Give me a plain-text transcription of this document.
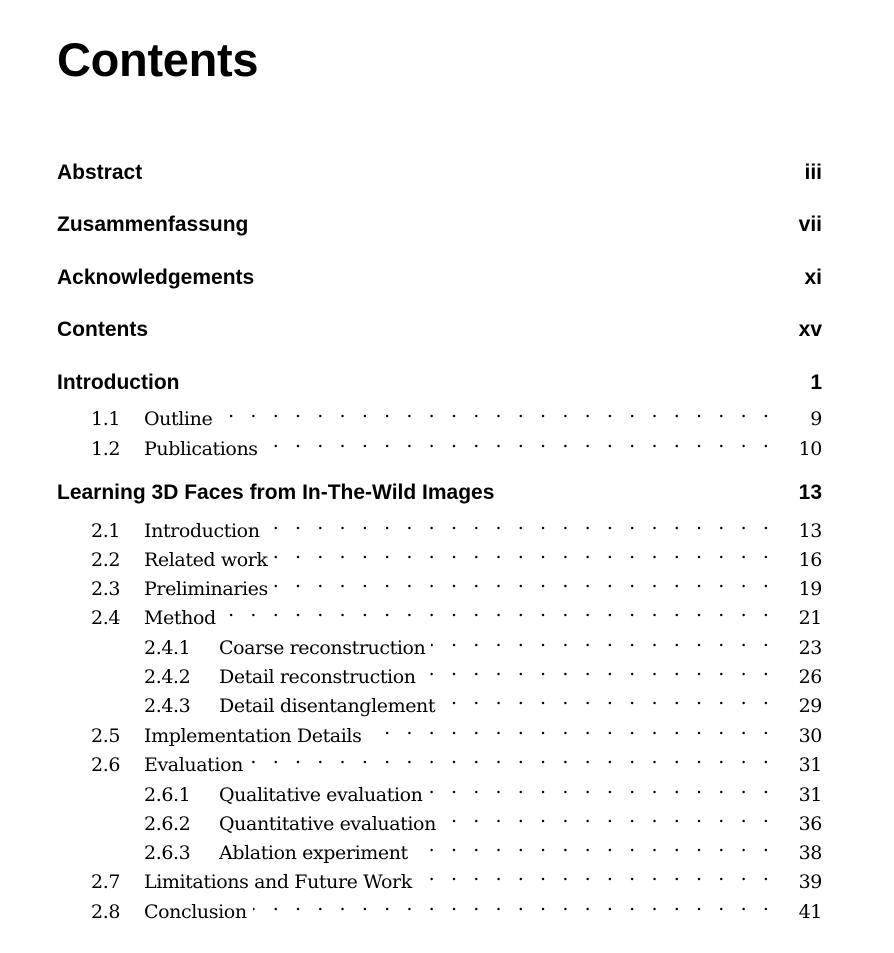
Contents
Abstract	iii
Zusammenfassung	vii
Acknowledgements	xi
Contents	xv
Introduction	1
1.1	Outline . . .	9
1.2	Publications . . .	10
Learning 3D Faces from In-The-Wild Images	13
2.1	Introduction . . .	13
2.2	Related work . . .	16
2.3	Preliminaries . . .	19
2.4	Method . . .	21
2.4.1	Coarse reconstruction . . .	23
2.4.2	Detail reconstruction . . .	26
2.4.3	Detail disentanglement . . .	29
2.5	Implementation Details . . .	30
2.6	Evaluation . . .	31
2.6.1	Qualitative evaluation . . .	31
2.6.2	Quantitative evaluation . . .	36
2.6.3	Ablation experiment . . .	38
2.7	Limitations and Future Work . . .	39
2.8	Conclusion . . .	41
